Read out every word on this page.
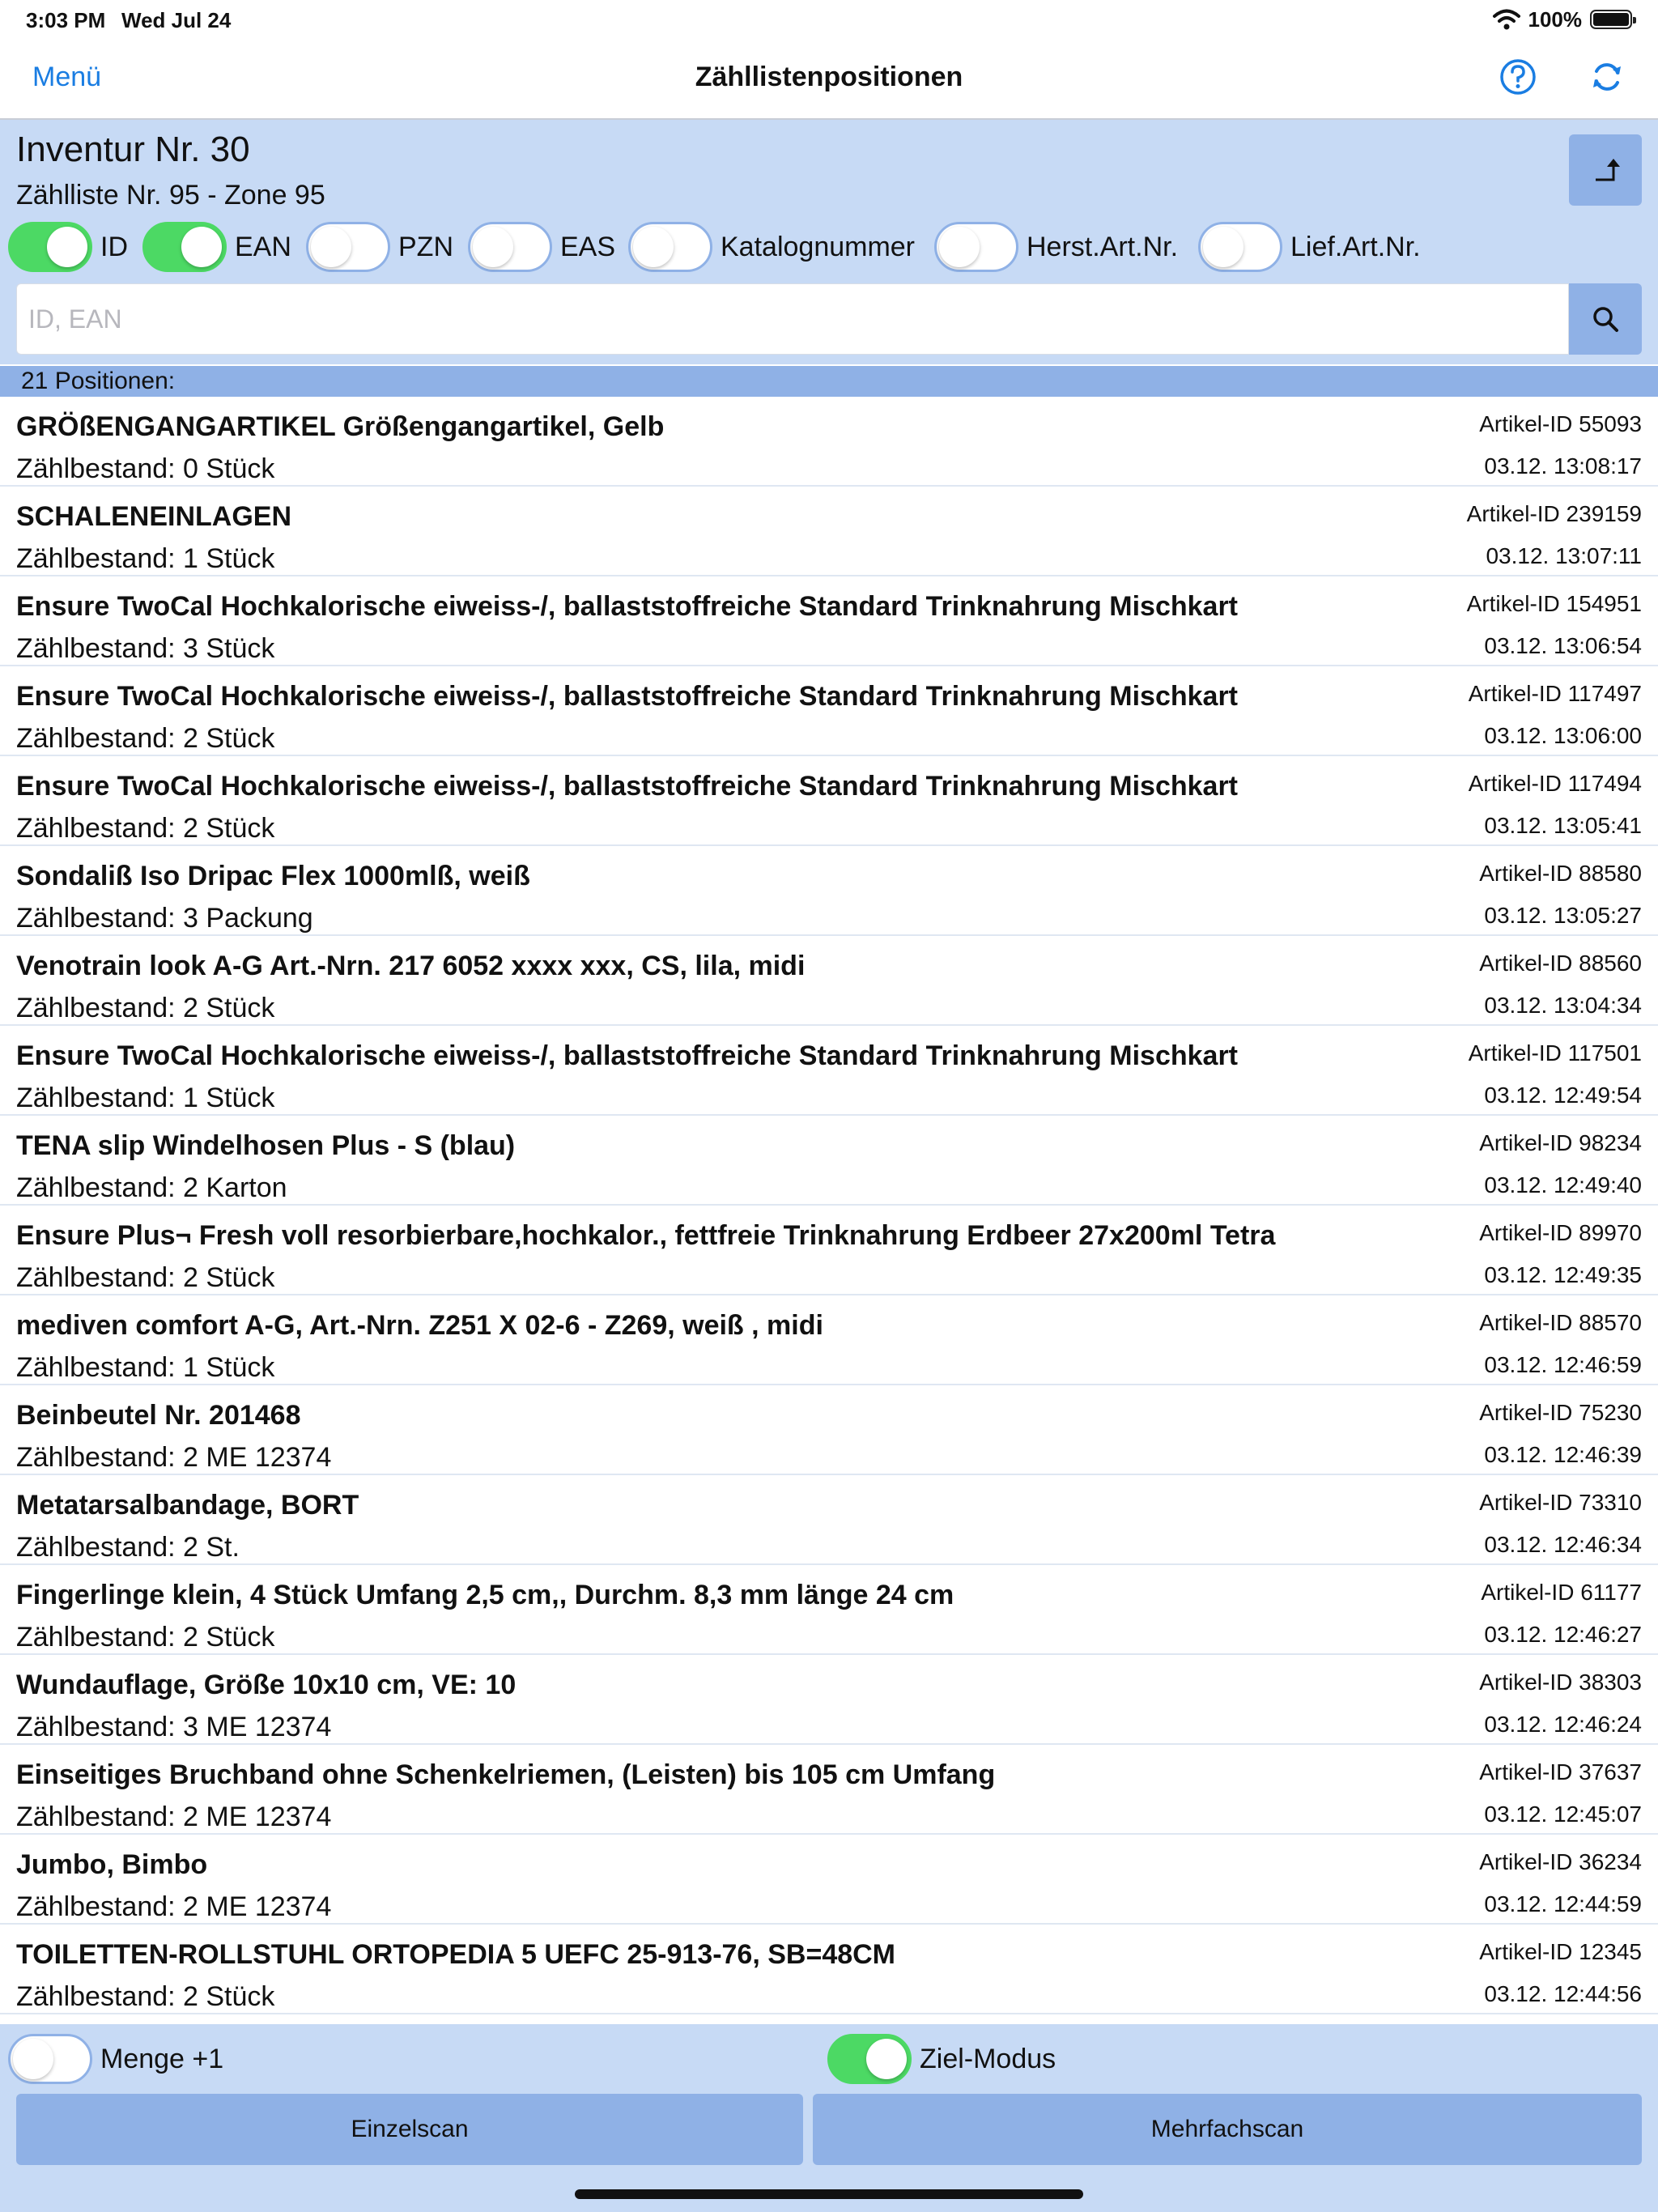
3:03 PM Wed Jul 24	100%
Menü	Zähllistenpositionen
Inventur Nr. 30
Zählliste Nr. 95 - Zone 95
ID	EAN	PZN	EAS	Katalognummer	Herst.Art.Nr.	Lief.Art.Nr.
ID, EAN
21 Positionen:
GRÖßENGANGARTIKEL Größengangartikel, Gelb
Zählbestand: 0 Stück
Artikel-ID 55093
03.12. 13:08:17
SCHALENEINLAGEN
Zählbestand: 1 Stück
Artikel-ID 239159
03.12. 13:07:11
Ensure TwoCal Hochkalorische eiweiss-/, ballaststoffreiche Standard Trinknahrung Mischkart
Zählbestand: 3 Stück
Artikel-ID 154951
03.12. 13:06:54
Ensure TwoCal Hochkalorische eiweiss-/, ballaststoffreiche Standard Trinknahrung Mischkart
Zählbestand: 2 Stück
Artikel-ID 117497
03.12. 13:06:00
Ensure TwoCal Hochkalorische eiweiss-/, ballaststoffreiche Standard Trinknahrung Mischkart
Zählbestand: 2 Stück
Artikel-ID 117494
03.12. 13:05:41
Sondaliß Iso Dripac Flex 1000mlß, weiß
Zählbestand: 3 Packung
Artikel-ID 88580
03.12. 13:05:27
Venotrain look A-G Art.-Nrn. 217 6052 xxxx xxx, CS, lila, midi
Zählbestand: 2 Stück
Artikel-ID 88560
03.12. 13:04:34
Ensure TwoCal Hochkalorische eiweiss-/, ballaststoffreiche Standard Trinknahrung Mischkart
Zählbestand: 1 Stück
Artikel-ID 117501
03.12. 12:49:54
TENA slip Windelhosen Plus - S (blau)
Zählbestand: 2 Karton
Artikel-ID 98234
03.12. 12:49:40
Ensure Plus¬ Fresh voll resorbierbare,hochkalor., fettfreie Trinknahrung Erdbeer 27x200ml Tetra
Zählbestand: 2 Stück
Artikel-ID 89970
03.12. 12:49:35
mediven comfort A-G, Art.-Nrn. Z251 X 02-6 - Z269, weiß , midi
Zählbestand: 1 Stück
Artikel-ID 88570
03.12. 12:46:59
Beinbeutel Nr. 201468
Zählbestand: 2 ME 12374
Artikel-ID 75230
03.12. 12:46:39
Metatarsalbandage, BORT
Zählbestand: 2 St.
Artikel-ID 73310
03.12. 12:46:34
Fingerlinge klein, 4 Stück Umfang 2,5 cm,, Durchm. 8,3 mm länge 24 cm
Zählbestand: 2 Stück
Artikel-ID 61177
03.12. 12:46:27
Wundauflage, Größe 10x10 cm, VE: 10
Zählbestand: 3 ME 12374
Artikel-ID 38303
03.12. 12:46:24
Einseitiges Bruchband ohne Schenkelriemen, (Leisten) bis 105 cm Umfang
Zählbestand: 2 ME 12374
Artikel-ID 37637
03.12. 12:45:07
Jumbo, Bimbo
Zählbestand: 2 ME 12374
Artikel-ID 36234
03.12. 12:44:59
TOILETTEN-ROLLSTUHL ORTOPEDIA 5 UEFC 25-913-76, SB=48CM
Zählbestand: 2 Stück
Artikel-ID 12345
03.12. 12:44:56
Menge +1	Ziel-Modus
Einzelscan	Mehrfachscan
